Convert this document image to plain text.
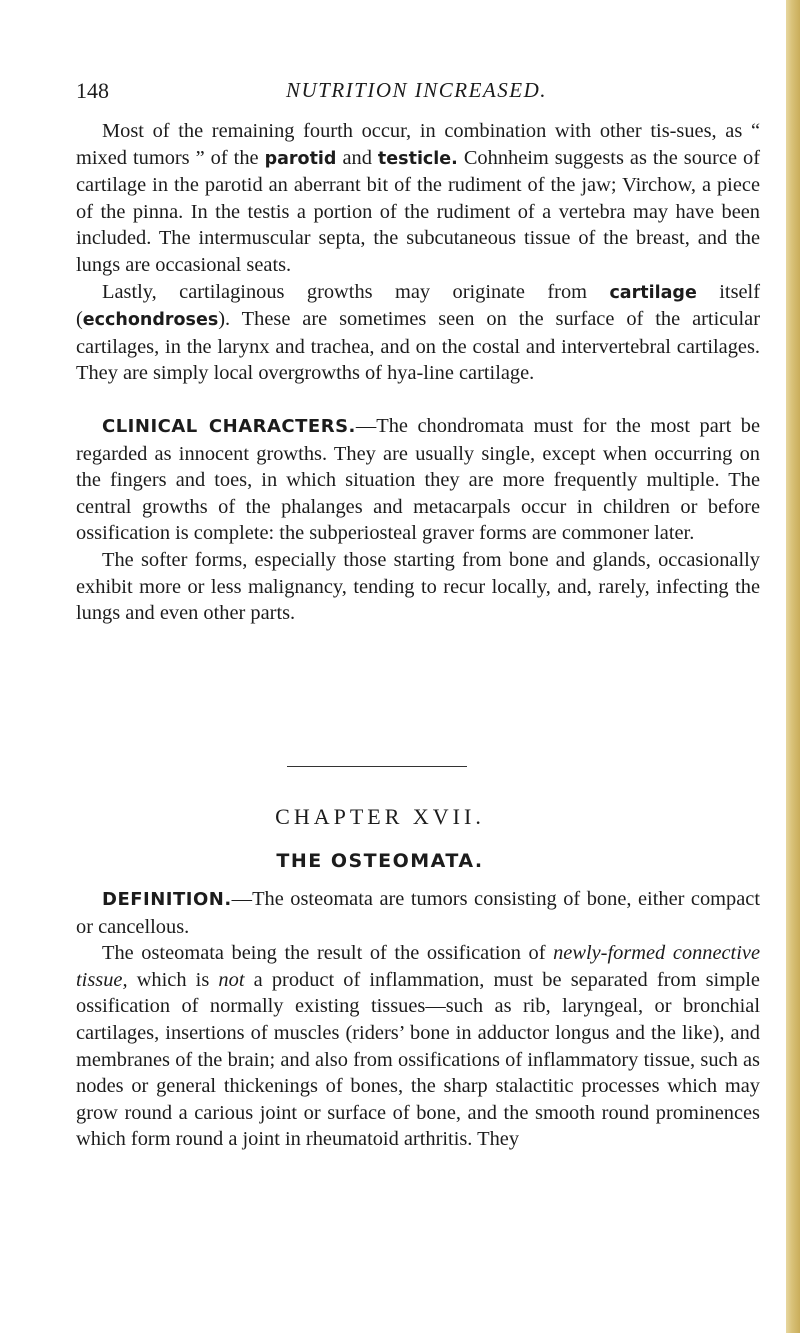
148	NUTRITION INCREASED.

Most of the remaining fourth occur, in combination with other tis-sues, as “ mixed tumors ” of the parotid and testicle. Cohnheim suggests as the source of cartilage in the parotid an aberrant bit of the rudiment of the jaw; Virchow, a piece of the pinna. In the testis a portion of the rudiment of a vertebra may have been included. The intermuscular septa, the subcutaneous tissue of the breast, and the lungs are occasional seats.

Lastly, cartilaginous growths may originate from cartilage itself (ecchondroses). These are sometimes seen on the surface of the articular cartilages, in the larynx and trachea, and on the costal and intervertebral cartilages. They are simply local overgrowths of hya-line cartilage.

CLINICAL CHARACTERS.—The chondromata must for the most part be regarded as innocent growths. They are usually single, except when occurring on the fingers and toes, in which situation they are more frequently multiple. The central growths of the phalanges and metacarpals occur in children or before ossification is complete: the subperiosteal graver forms are commoner later.

The softer forms, especially those starting from bone and glands, occasionally exhibit more or less malignancy, tending to recur locally, and, rarely, infecting the lungs and even other parts.

CHAPTER XVII.
THE OSTEOMATA.

DEFINITION.—The osteomata are tumors consisting of bone, either compact or cancellous.

The osteomata being the result of the ossification of newly-formed connective tissue, which is not a product of inflammation, must be separated from simple ossification of normally existing tissues—such as rib, laryngeal, or bronchial cartilages, insertions of muscles (riders’ bone in adductor longus and the like), and membranes of the brain; and also from ossifications of inflammatory tissue, such as nodes or general thickenings of bones, the sharp stalactitic processes which may grow round a carious joint or surface of bone, and the smooth round prominences which form round a joint in rheumatoid arthritis. They
